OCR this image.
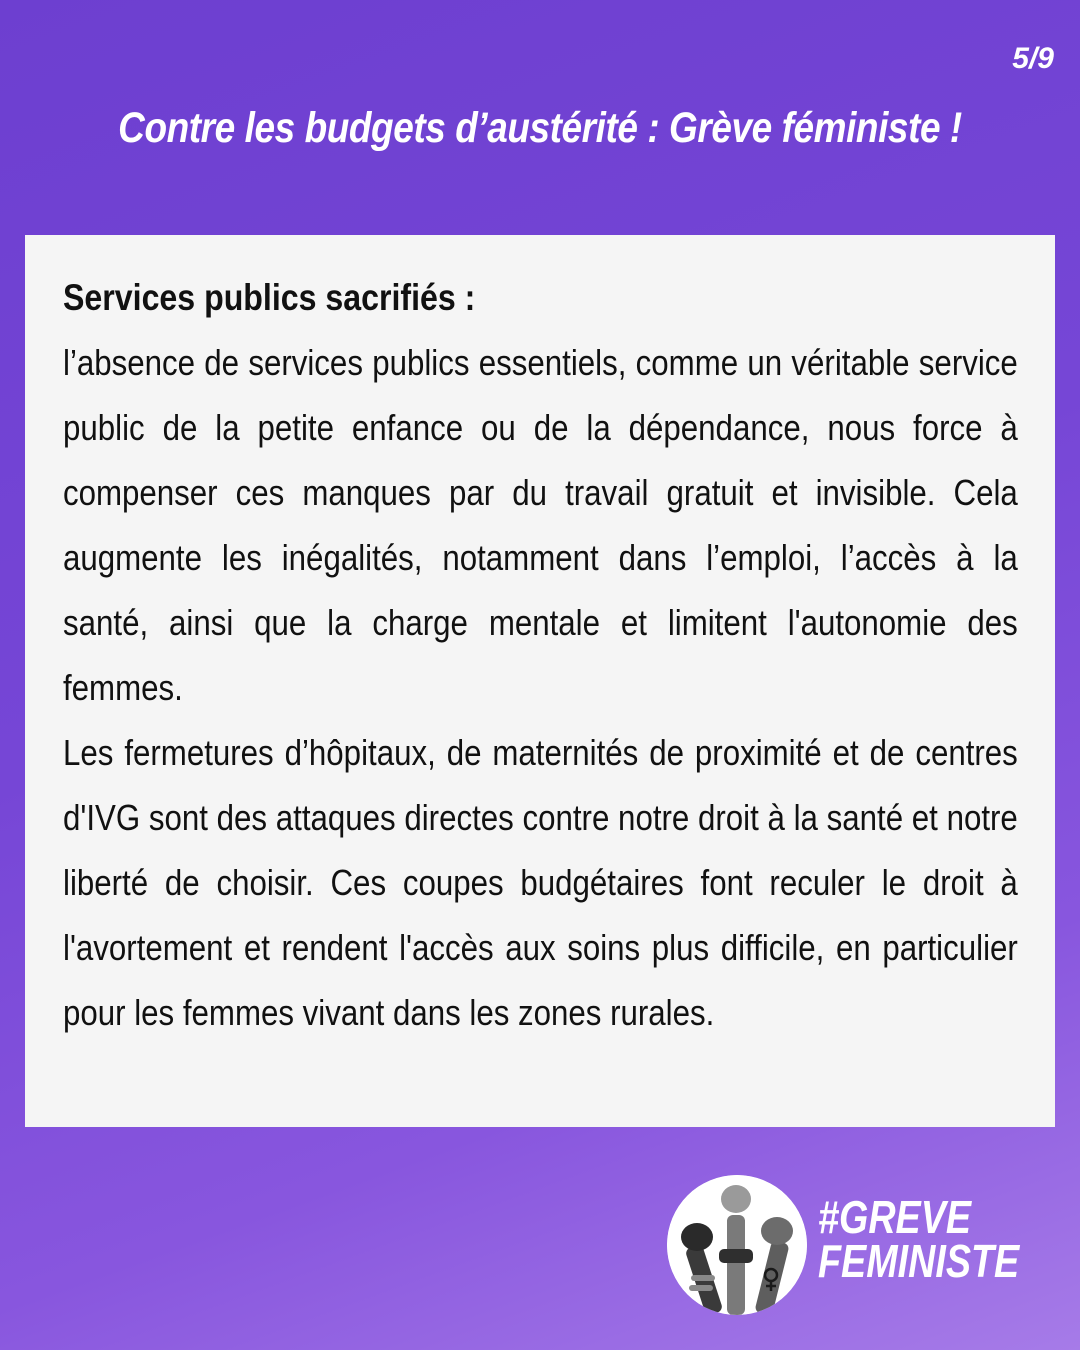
5/9
Contre les budgets d’austérité : Grève féministe !
Services publics sacrifiés :

l’absence de services publics essentiels, comme un véritable service public de la petite enfance ou de la dépendance, nous force à compenser ces manques par du travail gratuit et invisible. Cela augmente les inégalités, notamment dans l’emploi, l’accès à la santé, ainsi que la charge mentale et limitent l'autonomie des femmes.

Les fermetures d’hôpitaux, de maternités de proximité et de centres d'IVG sont des attaques directes contre notre droit à la santé et notre liberté de choisir. Ces coupes budgétaires font reculer le droit à l'avortement et rendent l'accès aux soins plus difficile, en particulier pour les femmes vivant dans les zones rurales.

#GREVE
FEMINISTE
